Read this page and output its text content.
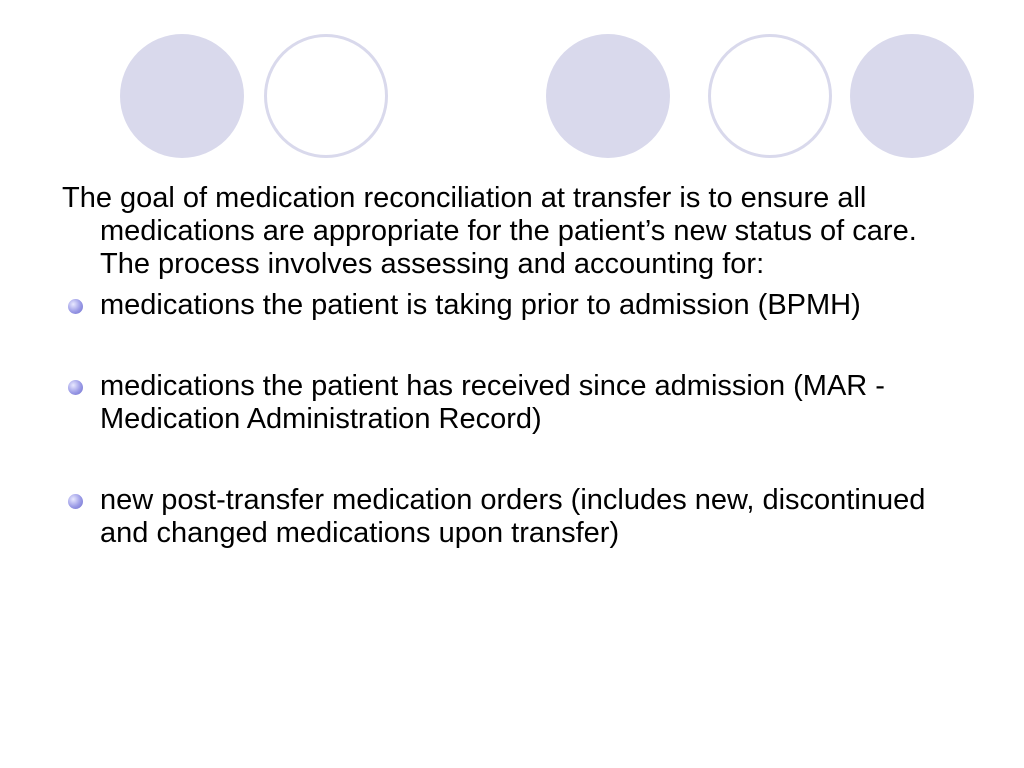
The goal of medication reconciliation at transfer is to ensure all medications are appropriate for the patient’s new status of care. The process involves assessing and accounting for:

medications the patient is taking prior to admission (BPMH)
medications the patient has received since admission (MAR - Medication Administration Record)
new post-transfer medication orders (includes new, discontinued and changed medications upon transfer)
